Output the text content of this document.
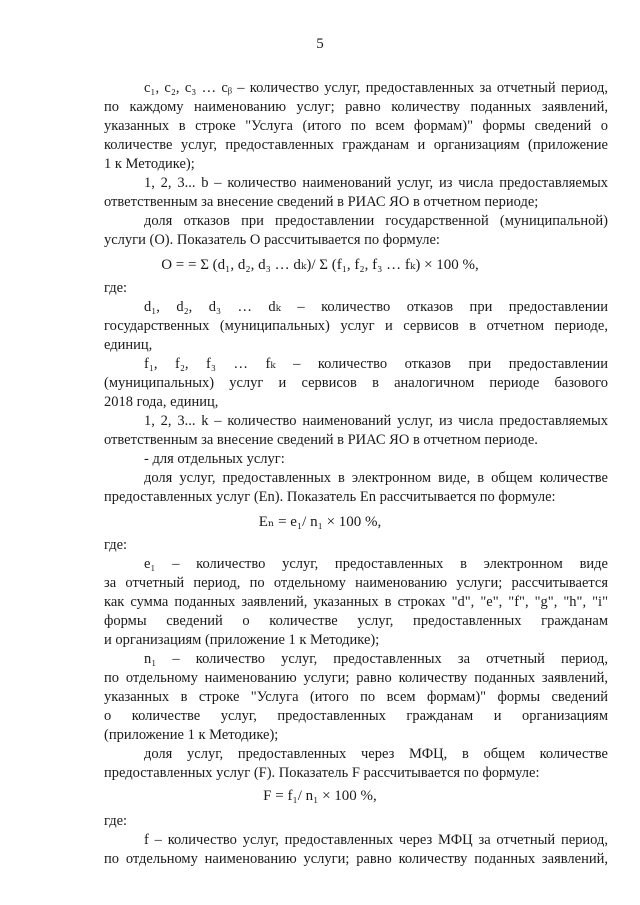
5
c₁, c₂, c₃ … cᵦ – количество услуг, предоставленных за отчетный период,
по каждому наименованию услуг; равно количеству поданных заявлений,
указанных в строке "Услуга (итого по всем формам)" формы сведений о
количестве услуг, предоставленных гражданам и организациям (приложение
1 к Методике);
1, 2, 3... b – количество наименований услуг, из числа предоставляемых
ответственным за внесение сведений в РИАС ЯО в отчетном периоде;
доля отказов при предоставлении государственной (муниципальной)
услуги (О). Показатель О рассчитывается по формуле:
где:
d₁, d₂, d₃ … dₖ – количество отказов при предоставлении
государственных (муниципальных) услуг и сервисов в отчетном периоде,
единиц,
f₁, f₂, f₃ … fₖ – количество отказов при предоставлении
(муниципальных) услуг и сервисов в аналогичном периоде базового
2018 года, единиц,
1, 2, 3... k – количество наименований услуг, из числа предоставляемых
ответственным за внесение сведений в РИАС ЯО в отчетном периоде.
- для отдельных услуг:
доля услуг, предоставленных в электронном виде, в общем количестве
предоставленных услуг (Еn). Показатель Еn рассчитывается по формуле:
где:
е₁ – количество услуг, предоставленных в электронном виде
за отчетный период, по отдельному наименованию услуги; рассчитывается
как сумма поданных заявлений, указанных в строках "d", "e", "f", "g", "h", "i"
формы сведений о количестве услуг, предоставленных гражданам
и организациям (приложение 1 к Методике);
n₁ – количество услуг, предоставленных за отчетный период,
по отдельному наименованию услуги; равно количеству поданных заявлений,
указанных в строке "Услуга (итого по всем формам)" формы сведений
о количестве услуг, предоставленных гражданам и организациям
(приложение 1 к Методике);
доля услуг, предоставленных через МФЦ, в общем количестве
предоставленных услуг (F). Показатель F рассчитывается по формуле:
где:
f – количество услуг, предоставленных через МФЦ за отчетный период,
по отдельному наименованию услуги; равно количеству поданных заявлений,
О = = Σ (d₁, d₂, d₃ … dₖ)/ Σ (f₁, f₂, f₃ … fₖ) × 100 %,
Еₙ = е₁/ n₁ × 100 %,
F = f₁/ n₁ × 100 %,
